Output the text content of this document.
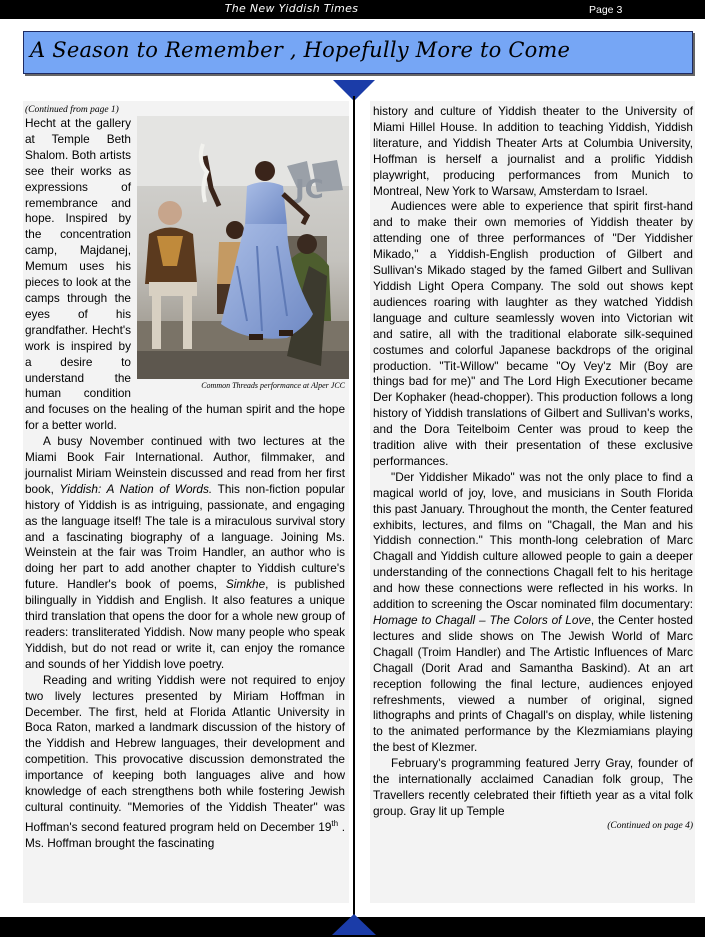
The New Yiddish Times	Page 3
A Season to Remember , Hopefully More to Come
(Continued from page 1)
JC
Common Threads performance at Alper JCC

Hecht at the gallery at Temple Beth Shalom. Both artists see their works as expressions of remembrance and hope. Inspired by the concentration camp, Majdanej, Memum uses his pieces to look at the camps through the eyes of his grandfather. Hecht's work is inspired by a desire to understand the human condition and focuses on the healing of the human spirit and the hope for a better world.

A busy November continued with two lectures at the Miami Book Fair International. Author, filmmaker, and journalist Miriam Weinstein discussed and read from her first book, Yiddish: A Nation of Words. This non-fiction popular history of Yiddish is as intriguing, passionate, and engaging as the language itself! The tale is a miraculous survival story and a fascinating biography of a language. Joining Ms. Weinstein at the fair was Troim Handler, an author who is doing her part to add another chapter to Yiddish culture's future. Handler's book of poems, Simkhe, is published bilingually in Yiddish and English. It also features a unique third translation that opens the door for a whole new group of readers: transliterated Yiddish. Now many people who speak Yiddish, but do not read or write it, can enjoy the romance and sounds of her Yiddish love poetry.

Reading and writing Yiddish were not required to enjoy two lively lectures presented by Miriam Hoffman in December. The first, held at Florida Atlantic University in Boca Raton, marked a landmark discussion of the history of the Yiddish and Hebrew languages, their development and competition. This provocative discussion demonstrated the importance of keeping both languages alive and how knowledge of each strengthens both while fostering Jewish cultural continuity. "Memories of the Yiddish Theater" was Hoffman's second featured program held on December 19th . Ms. Hoffman brought the fascinating

history and culture of Yiddish theater to the University of Miami Hillel House. In addition to teaching Yiddish, Yiddish literature, and Yiddish Theater Arts at Columbia University, Hoffman is herself a journalist and a prolific Yiddish playwright, producing performances from Munich to Montreal, New York to Warsaw, Amsterdam to Israel.

Audiences were able to experience that spirit first-hand and to make their own memories of Yiddish theater by attending one of three performances of "Der Yiddisher Mikado," a Yiddish-English production of Gilbert and Sullivan's Mikado staged by the famed Gilbert and Sullivan Yiddish Light Opera Company. The sold out shows kept audiences roaring with laughter as they watched Yiddish language and culture seamlessly woven into Victorian wit and satire, all with the traditional elaborate silk-sequined costumes and colorful Japanese backdrops of the original production. "Tit-Willow" became "Oy Vey'z Mir (Boy are things bad for me)" and The Lord High Executioner became Der Kophaker (head-chopper). This production follows a long history of Yiddish translations of Gilbert and Sullivan's works, and the Dora Teitelboim Center was proud to keep the tradition alive with their presentation of these exclusive performances.

"Der Yiddisher Mikado" was not the only place to find a magical world of joy, love, and musicians in South Florida this past January. Throughout the month, the Center featured exhibits, lectures, and films on "Chagall, the Man and his Yiddish connection." This month-long celebration of Marc Chagall and Yiddish culture allowed people to gain a deeper understanding of the connections Chagall felt to his heritage and how these connections were reflected in his works. In addition to screening the Oscar nominated film documentary: Homage to Chagall – The Colors of Love, the Center hosted lectures and slide shows on The Jewish World of Marc Chagall (Troim Handler) and The Artistic Influences of Marc Chagall (Dorit Arad and Samantha Baskind). At an art reception following the final lecture, audiences enjoyed refreshments, viewed a number of original, signed lithographs and prints of Chagall's on display, while listening to the animated performance by the Klezmiamians playing the best of Klezmer.

February's programming featured Jerry Gray, founder of the internationally acclaimed Canadian folk group, The Travellers recently celebrated their fiftieth year as a vital folk group. Gray lit up Temple

(Continued on page 4)
